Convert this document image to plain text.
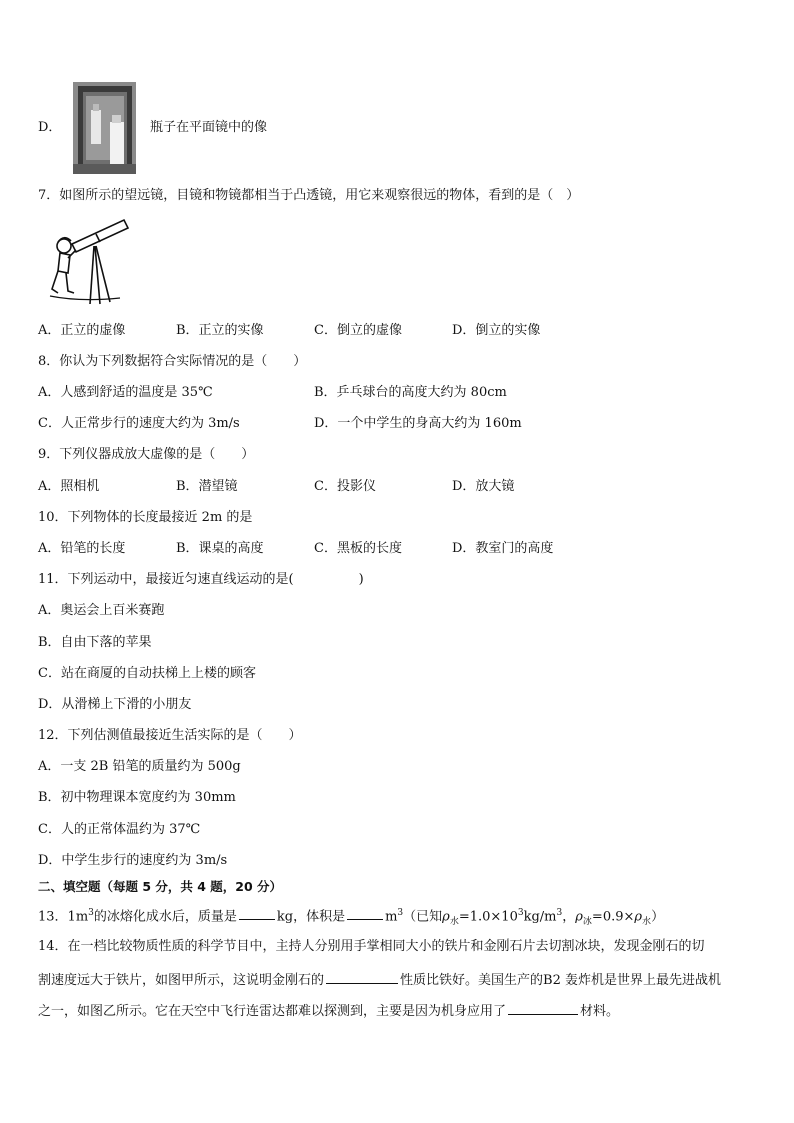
D．	瓶子在平面镜中的像
7．如图所示的望远镜，目镜和物镜都相当于凸透镜，用它来观察很远的物体，看到的是（　）
A．正立的虚像	B．正立的实像	C．倒立的虚像	D．倒立的实像
8．你认为下列数据符合实际情况的是（　　）
A．人感到舒适的温度是 35℃	B．乒乓球台的高度大约为 80cm
C．人正常步行的速度大约为 3m/s	D．一个中学生的身高大约为 160m
9．下列仪器成放大虚像的是（　　）
A．照相机	B．潜望镜	C．投影仪	D．放大镜
10．下列物体的长度最接近 2m 的是
A．铅笔的长度	B．课桌的高度	C．黑板的长度	D．教室门的高度
11．下列运动中，最接近匀速直线运动的是(　　　　　)
A．奥运会上百米赛跑
B．自由下落的苹果
C．站在商厦的自动扶梯上上楼的顾客
D．从滑梯上下滑的小朋友
12．下列估测值最接近生活实际的是（　　）
A．一支 2B 铅笔的质量约为 500g
B．初中物理课本宽度约为 30mm
C．人的正常体温约为 37℃
D．中学生步行的速度约为 3m/s
二、填空题（每题 5 分，共 4 题，20 分）
13．$1m^3$的冰熔化成水后，质量是	kg，体积是	$m^3$（已知$\rho_水=1.0\times 10^3kg/m^3$，$\rho_冰=0.9\times\rho_水$）
14．在一档比较物质性质的科学节目中，主持人分别用手掌相同大小的铁片和金刚石片去切割冰块，发现金刚石的切
割速度远大于铁片，如图甲所示，这说明金刚石的	性质比铁好。美国生产的B2 轰炸机是世界上最先进战机
之一，如图乙所示。它在天空中飞行连雷达都难以探测到，主要是因为机身应用了	材料。
